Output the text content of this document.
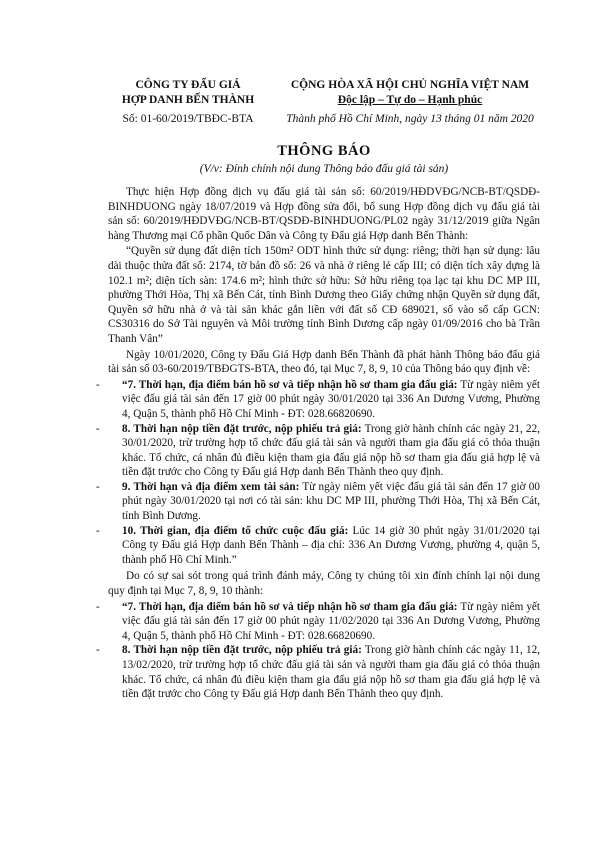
CÔNG TY ĐẤU GIÁ
HỢP DANH BẾN THÀNH
Số: 01-60/2019/TBĐC-BTA
CỘNG HÒA XÃ HỘI CHỦ NGHĨA VIỆT NAM
Độc lập – Tự do – Hạnh phúc
Thành phố Hồ Chí Minh, ngày 13 tháng 01 năm 2020
THÔNG BÁO
(V/v: Đính chính nội dung Thông báo đấu giá tài sản)

Thực hiện Hợp đồng dịch vụ đấu giá tài sản số: 60/2019/HĐDVĐG/NCB-BT/QSDĐ-BINHDUONG ngày 18/07/2019 và Hợp đồng sửa đổi, bổ sung Hợp đồng dịch vụ đấu giá tài sản số: 60/2019/HĐDVĐG/NCB-BT/QSDĐ-BINHDUONG/PL02 ngày 31/12/2019 giữa Ngân hàng Thương mại Cổ phần Quốc Dân và Công ty Đấu giá Hợp danh Bến Thành:

“Quyền sử dụng đất diện tích 150m² ODT hình thức sử dụng: riêng; thời hạn sử dụng: lâu dài thuộc thửa đất số: 2174, tờ bản đồ số: 26 và nhà ở riêng lẻ cấp III; có diện tích xây dựng là 102.1 m²; diện tích sàn: 174.6 m²; hình thức sở hữu: Sở hữu riêng tọa lạc tại khu DC MP III, phường Thới Hòa, Thị xã Bến Cát, tỉnh Bình Dương theo Giấy chứng nhận Quyền sử dụng đất, Quyền sở hữu nhà ở và tài sản khác gắn liền với đất số CĐ 689021, số vào sổ cấp GCN: CS30316 do Sở Tài nguyên và Môi trường tỉnh Bình Dương cấp ngày 01/09/2016 cho bà Trần Thanh Vân”

Ngày 10/01/2020, Công ty Đấu Giá Hợp danh Bến Thành đã phát hành Thông báo đấu giá tài sản số 03-60/2019/TBĐGTS-BTA, theo đó, tại Mục 7, 8, 9, 10 của Thông báo quy định về:

- “7. Thời hạn, địa điểm bán hồ sơ và tiếp nhận hồ sơ tham gia đấu giá: Từ ngày niêm yết việc đấu giá tài sản đến 17 giờ 00 phút ngày 30/01/2020 tại 336 An Dương Vương, Phường 4, Quận 5, thành phố Hồ Chí Minh - ĐT: 028.66820690.
- 8. Thời hạn nộp tiền đặt trước, nộp phiếu trả giá: Trong giờ hành chính các ngày 21, 22, 30/01/2020, trừ trường hợp tổ chức đấu giá tài sản và người tham gia đấu giá có thỏa thuận khác. Tổ chức, cá nhân đủ điều kiện tham gia đấu giá nộp hồ sơ tham gia đấu giá hợp lệ và tiền đặt trước cho Công ty Đấu giá Hợp danh Bến Thành theo quy định.
- 9. Thời hạn và địa điểm xem tài sản: Từ ngày niêm yết việc đấu giá tài sản đến 17 giờ 00 phút ngày 30/01/2020 tại nơi có tài sản: khu DC MP III, phường Thới Hòa, Thị xã Bến Cát, tỉnh Bình Dương.
- 10. Thời gian, địa điểm tổ chức cuộc đấu giá: Lúc 14 giờ 30 phút ngày 31/01/2020 tại Công ty Đấu giá Hợp danh Bến Thành – địa chỉ: 336 An Dương Vương, phường 4, quận 5, thành phố Hồ Chí Minh.”

Do có sự sai sót trong quá trình đánh máy, Công ty chúng tôi xin đính chính lại nội dung quy định tại Mục 7, 8, 9, 10 thành:

- “7. Thời hạn, địa điểm bán hồ sơ và tiếp nhận hồ sơ tham gia đấu giá: Từ ngày niêm yết việc đấu giá tài sản đến 17 giờ 00 phút ngày 11/02/2020 tại 336 An Dương Vương, Phường 4, Quận 5, thành phố Hồ Chí Minh - ĐT: 028.66820690.
- 8. Thời hạn nộp tiền đặt trước, nộp phiếu trả giá: Trong giờ hành chính các ngày 11, 12, 13/02/2020, trừ trường hợp tổ chức đấu giá tài sản và người tham gia đấu giá có thỏa thuận khác. Tổ chức, cá nhân đủ điều kiện tham gia đấu giá nộp hồ sơ tham gia đấu giá hợp lệ và tiền đặt trước cho Công ty Đấu giá Hợp danh Bến Thành theo quy định.
